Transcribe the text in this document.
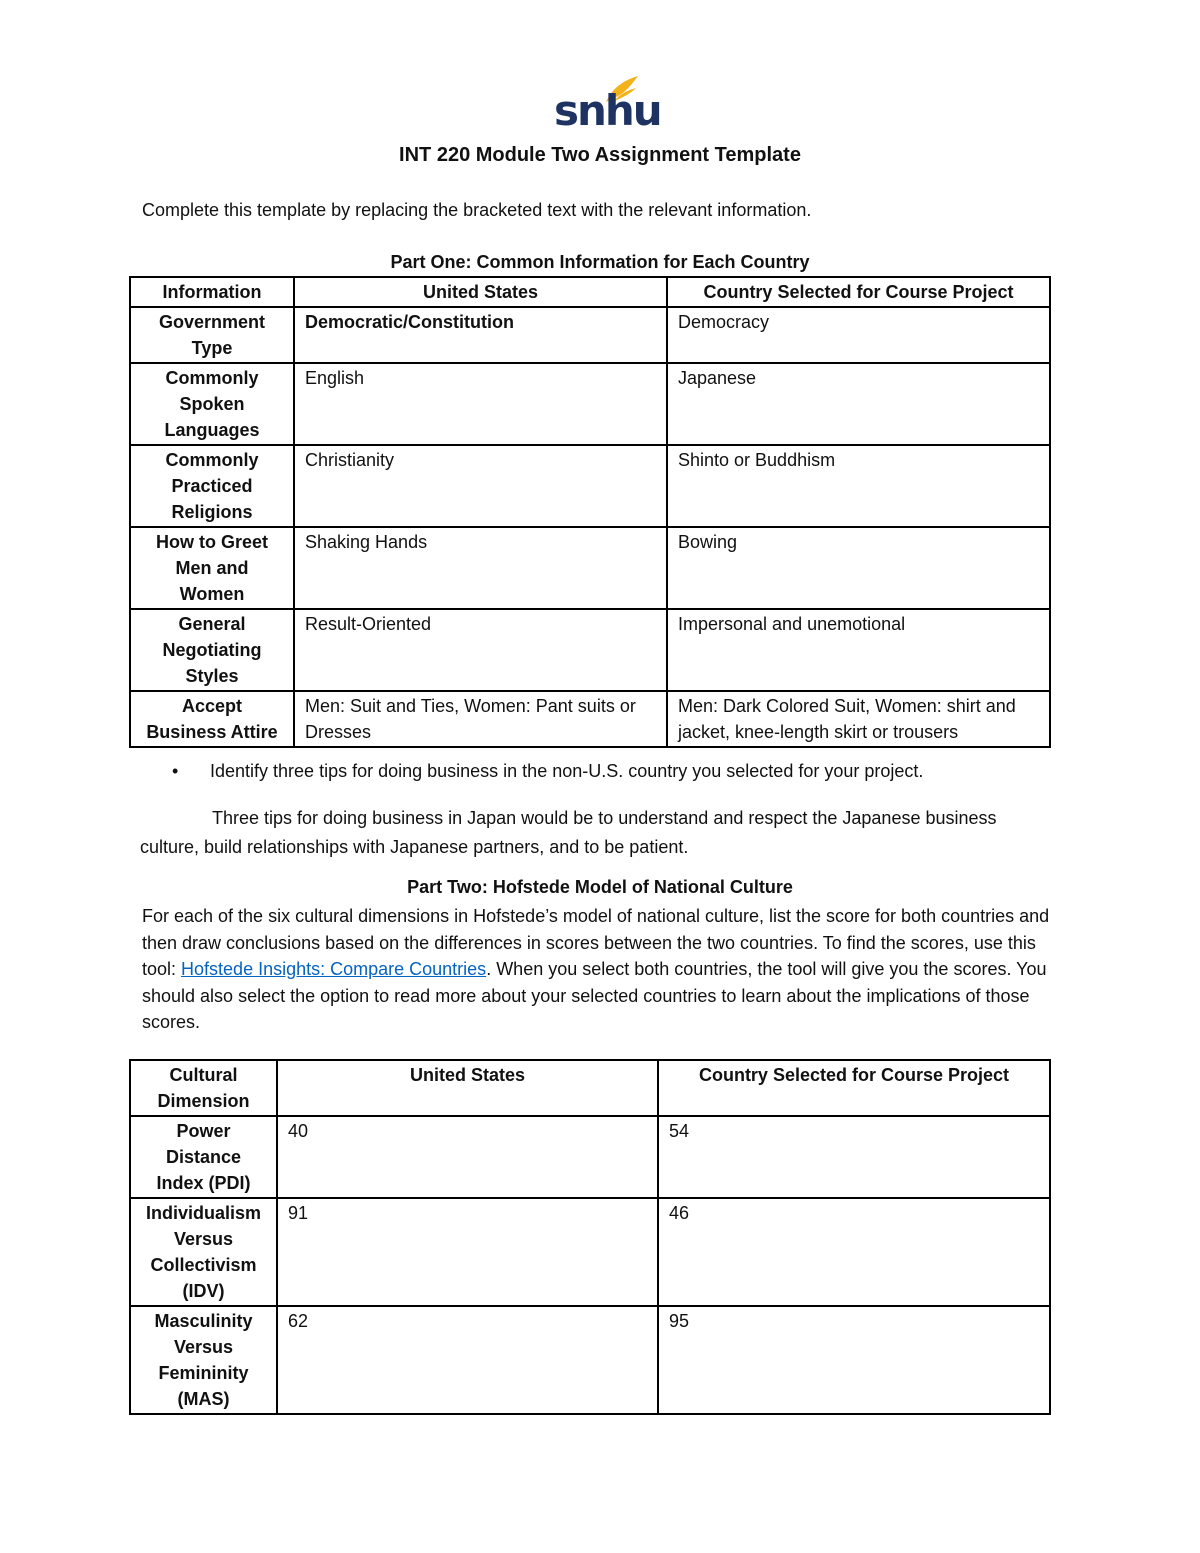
snhu
INT 220 Module Two Assignment Template
Complete this template by replacing the bracketed text with the relevant information.
Part One: Common Information for Each Country
Information	United States	Country Selected for Course Project
Government Type	Democratic/Constitution	Democracy
Commonly Spoken Languages	English	Japanese
Commonly Practiced Religions	Christianity	Shinto or Buddhism
How to Greet Men and Women	Shaking Hands	Bowing
General Negotiating Styles	Result-Oriented	Impersonal and unemotional
Accept Business Attire	Men: Suit and Ties, Women: Pant suits or Dresses	Men: Dark Colored Suit, Women: shirt and jacket, knee-length skirt or trousers
• Identify three tips for doing business in the non-U.S. country you selected for your project.
Three tips for doing business in Japan would be to understand and respect the Japanese business culture, build relationships with Japanese partners, and to be patient.
Part Two: Hofstede Model of National Culture
For each of the six cultural dimensions in Hofstede’s model of national culture, list the score for both countries and then draw conclusions based on the differences in scores between the two countries. To find the scores, use this tool: Hofstede Insights: Compare Countries. When you select both countries, the tool will give you the scores. You should also select the option to read more about your selected countries to learn about the implications of those scores.
Cultural Dimension	United States	Country Selected for Course Project
Power Distance Index (PDI)	40	54
Individualism Versus Collectivism (IDV)	91	46
Masculinity Versus Femininity (MAS)	62	95
